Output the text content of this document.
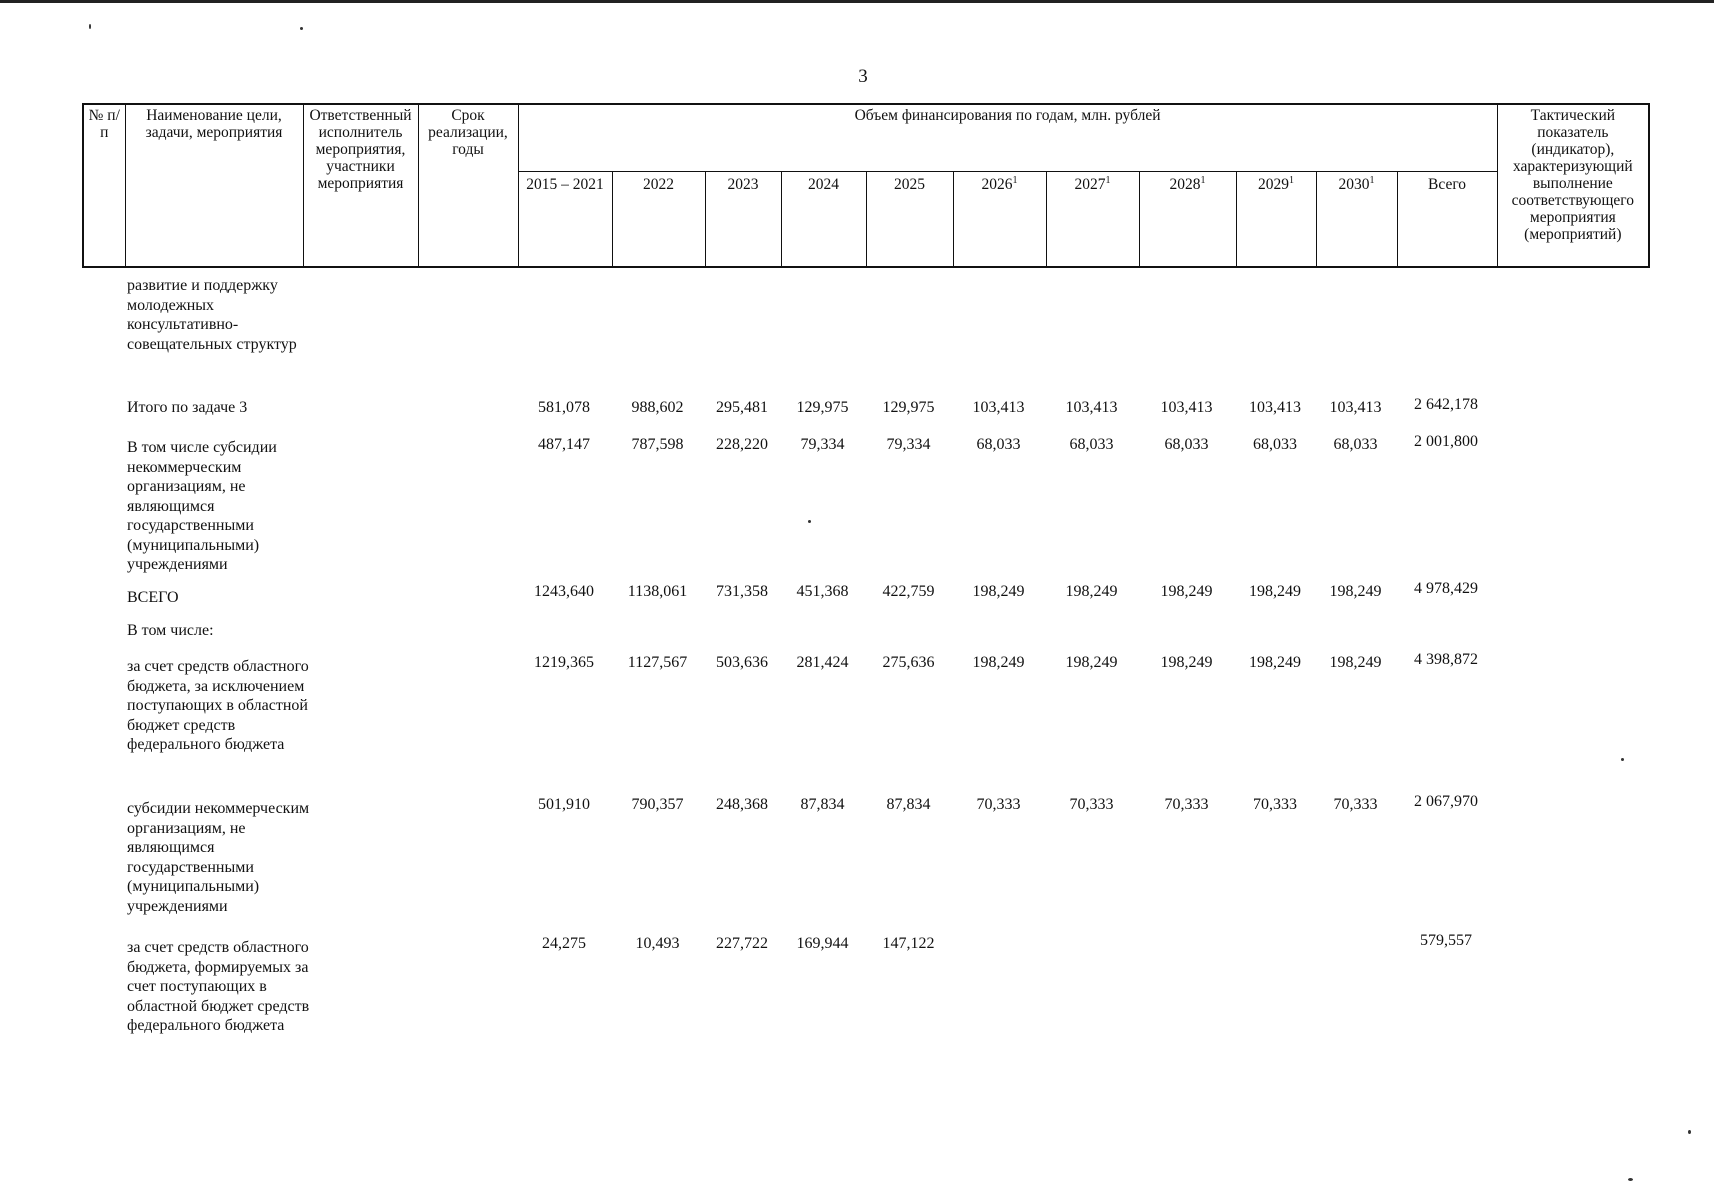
3
№ п/п	Наименование цели, задачи, мероприятия	Ответственный исполнитель мероприятия, участники мероприятия	Срок реализации, годы	Объем финансирования по годам, млн. рублей											Тактический показатель (индикатор), характеризующий выполнение соответствующего мероприятия (мероприятий)
				2015 – 2021	2022	2023	2024	2025	2026$^1$	2027$^1$	2028$^1$	2029$^1$	2030$^1$	Всего	
развитие и поддержку молодежных консультативно-совещательных структур												
Итого по задаче 3	581,078	988,602	295,481	129,975	129,975	103,413	103,413	103,413	103,413	103,413	2 642,178	
В том числе субсидии некоммерческим организациям, не являющимся государственными (муниципальными) учреждениями	487,147	787,598	228,220	79,334	79,334	68,033	68,033	68,033	68,033	68,033	2 001,800	
ВСЕГО	1243,640	1138,061	731,358	451,368	422,759	198,249	198,249	198,249	198,249	198,249	4 978,429	
В том числе:												
за счет средств областного бюджета, за исключением поступающих в областной бюджет средств федерального бюджета	1219,365	1127,567	503,636	281,424	275,636	198,249	198,249	198,249	198,249	198,249	4 398,872	
субсидии некоммерческим организациям, не являющимся государственными (муниципальными) учреждениями	501,910	790,357	248,368	87,834	87,834	70,333	70,333	70,333	70,333	70,333	2 067,970	
за счет средств областного бюджета, формируемых за счет поступающих в областной бюджет средств федерального бюджета	24,275	10,493	227,722	169,944	147,122						579,557	
